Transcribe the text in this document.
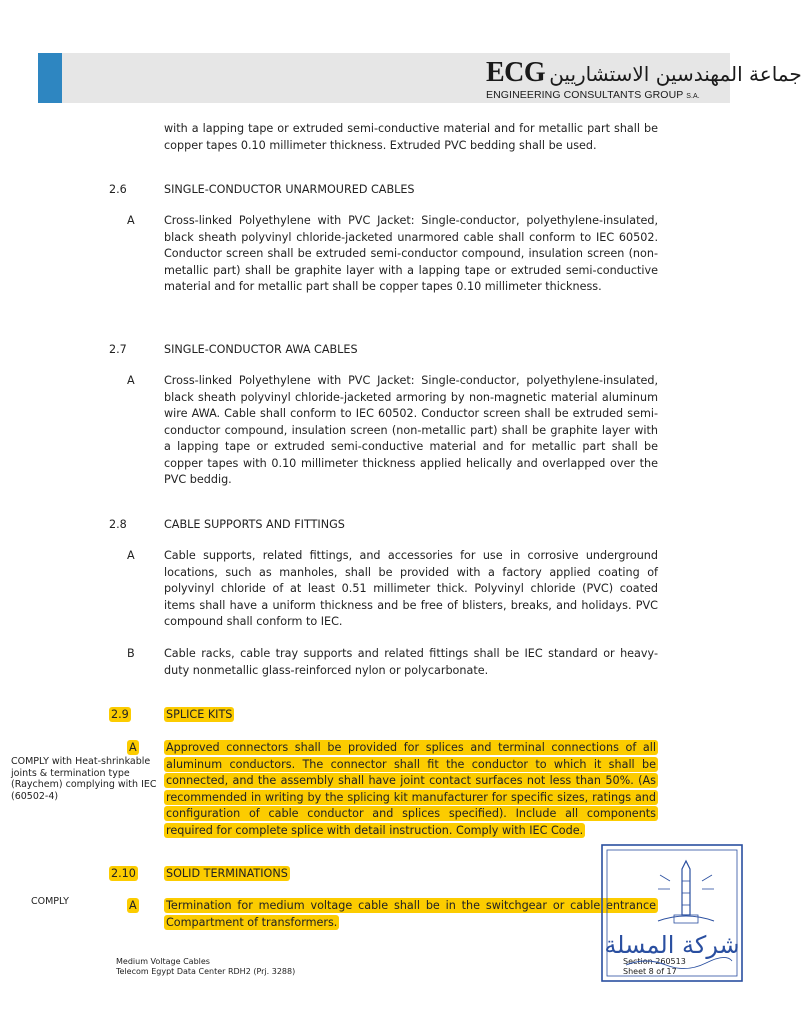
ECG جماعة المهندسين الاستشاريين
ENGINEERING CONSULTANTS GROUP S.A.
with a lapping tape or extruded semi-conductive material and for metallic part shall be copper tapes 0.10 millimeter thickness. Extruded PVC bedding shall be used.
2.6	SINGLE-CONDUCTOR UNARMOURED CABLES
A	Cross-linked Polyethylene with PVC Jacket: Single-conductor, polyethylene-insulated, black sheath polyvinyl chloride-jacketed unarmored cable shall conform to IEC 60502. Conductor screen shall be extruded semi-conductor compound, insulation screen (non-metallic part) shall be graphite layer with a lapping tape or extruded semi-conductive material and for metallic part shall be copper tapes 0.10 millimeter thickness.
2.7	SINGLE-CONDUCTOR AWA CABLES
A	Cross-linked Polyethylene with PVC Jacket: Single-conductor, polyethylene-insulated, black sheath polyvinyl chloride-jacketed armoring by non-magnetic material aluminum wire AWA. Cable shall conform to IEC 60502. Conductor screen shall be extruded semi-conductor compound, insulation screen (non-metallic part) shall be graphite layer with a lapping tape or extruded semi-conductive material and for metallic part shall be copper tapes with 0.10 millimeter thickness applied helically and overlapped over the PVC beddig.
2.8	CABLE SUPPORTS AND FITTINGS
A	Cable supports, related fittings, and accessories for use in corrosive underground locations, such as manholes, shall be provided with a factory applied coating of polyvinyl chloride of at least 0.51 millimeter thick. Polyvinyl chloride (PVC) coated items shall have a uniform thickness and be free of blisters, breaks, and holidays. PVC compound shall conform to IEC.
B	Cable racks, cable tray supports and related fittings shall be IEC standard or heavy-duty nonmetallic glass-reinforced nylon or polycarbonate.
2.9	SPLICE KITS
COMPLY with Heat-shrinkable joints & termination type (Raychem) complying with IEC (60502-4)
A	Approved connectors shall be provided for splices and terminal connections of all aluminum conductors. The connector shall fit the conductor to which it shall be connected, and the assembly shall have joint contact surfaces not less than 50%. (As recommended in writing by the splicing kit manufacturer for specific sizes, ratings and configuration of cable conductor and splices specified). Include all components required for complete splice with detail instruction. Comply with IEC Code.
2.10	SOLID TERMINATIONS
COMPLY	A	Termination for medium voltage cable shall be in the switchgear or cable entrance Compartment of transformers.
Medium Voltage Cables
Telecom Egypt Data Center RDH2 (Prj. 3288)
Section 260513
Sheet 8 of 17
شركة المسلة
